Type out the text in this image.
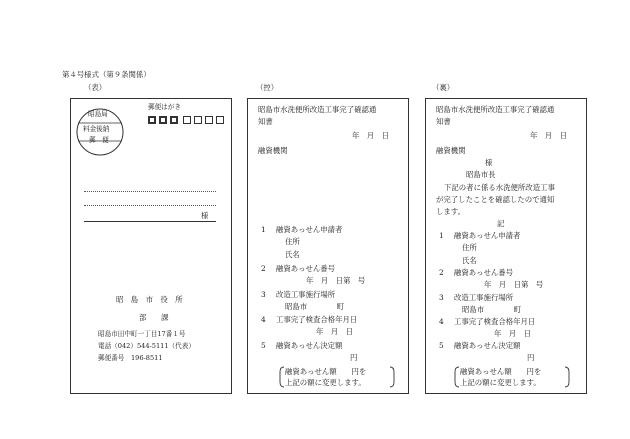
第４号様式（第９条関係）
（表）	（控）	（裏）
郵便はがき
昭島局
料金後納
郵　便
様
昭　島　市　役　所
部　　課
昭島市田中町一丁目17番１号
電話（042）544-5111（代表）
郵便番号　196-8511
昭島市水洗便所改造工事完了確認通
知書
年　月　日
融資機関
1 融資あっせん申請者
住所
氏名
2 融資あっせん番号
年　月　日第　号
3 改造工事施行場所
昭島市　　　　町
4 工事完了検査合格年月日
年　月　日
5 融資あっせん決定額
円
融資あっせん額　　円を
上記の額に変更します。
昭島市水洗便所改造工事完了確認通
知書
年　月　日
融資機関
様
昭島市長
下記の者に係る水洗便所改造工事
が完了したことを確認したので通知
します。
記
1 融資あっせん申請者
住所
氏名
2 融資あっせん番号
年　月　日第　号
3 改造工事施行場所
昭島市　　　　町
4 工事完了検査合格年月日
年　月　日
5 融資あっせん決定額
円
融資あっせん額　　円を
上記の額に変更します。
